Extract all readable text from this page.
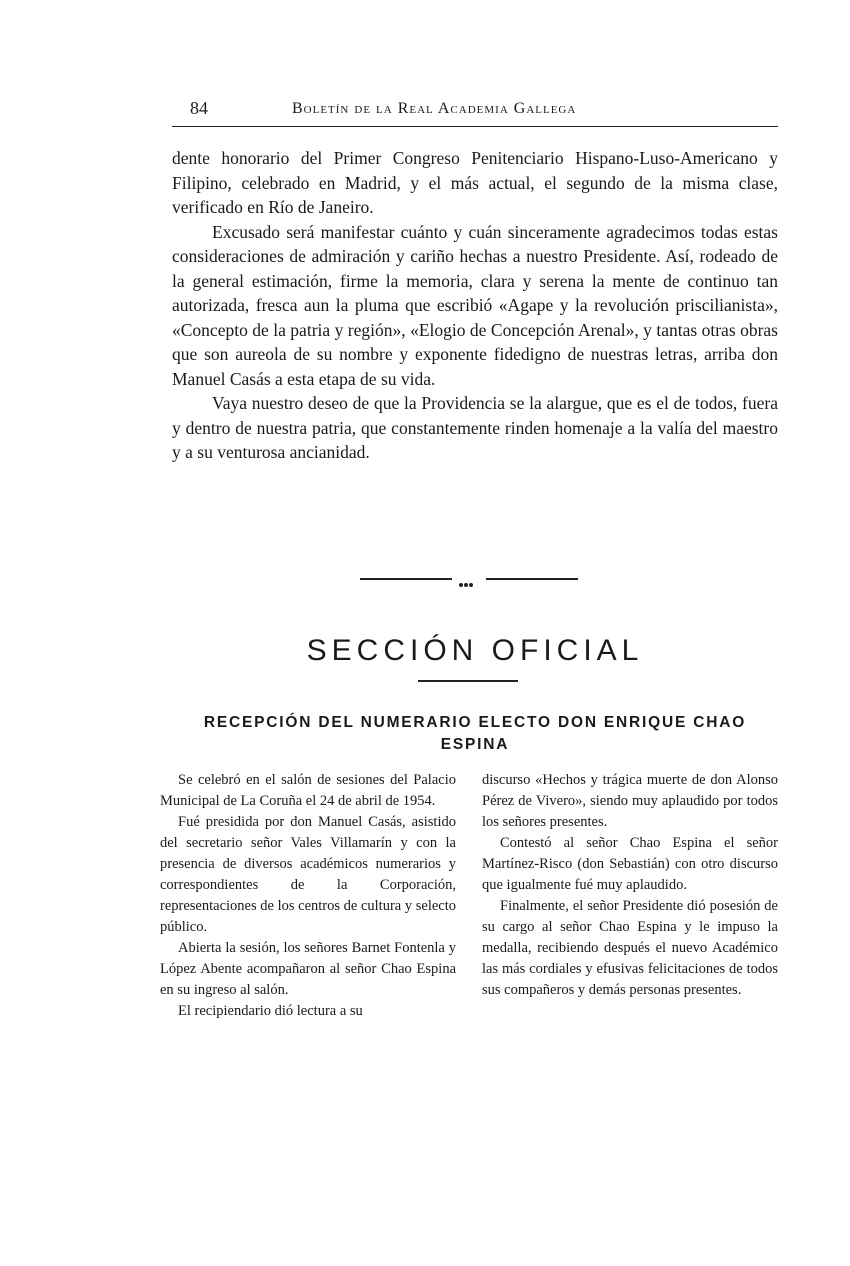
84	Boletín de la Real Academia Gallega

dente honorario del Primer Congreso Penitenciario Hispano-Luso-Americano y Filipino, celebrado en Madrid, y el más actual, el segundo de la misma clase, verificado en Río de Janeiro.

Excusado será manifestar cuánto y cuán sinceramente agradecimos todas estas consideraciones de admiración y cariño hechas a nuestro Presidente. Así, rodeado de la general estimación, firme la memoria, clara y serena la mente de continuo tan autorizada, fresca aun la pluma que escribió «Agape y la revolución priscilianista», «Concepto de la patria y región», «Elogio de Concepción Arenal», y tantas otras obras que son aureola de su nombre y exponente fidedigno de nuestras letras, arriba don Manuel Casás a esta etapa de su vida.

Vaya nuestro deseo de que la Providencia se la alargue, que es el de todos, fuera y dentro de nuestra patria, que constantemente rinden homenaje a la valía del maestro y a su venturosa ancianidad.

SECCIÓN OFICIAL
RECEPCIÓN DEL NUMERARIO ELECTO DON ENRIQUE CHAO ESPINA

Se celebró en el salón de sesiones del Palacio Municipal de La Coruña el 24 de abril de 1954.

Fué presidida por don Manuel Casás, asistido del secretario señor Vales Villamarín y con la presencia de diversos académicos numerarios y correspondientes de la Corporación, representaciones de los centros de cultura y selecto público.

Abierta la sesión, los señores Barnet Fontenla y López Abente acompañaron al señor Chao Espina en su ingreso al salón.

El recipiendario dió lectura a su

discurso «Hechos y trágica muerte de don Alonso Pérez de Vivero», siendo muy aplaudido por todos los señores presentes.

Contestó al señor Chao Espina el señor Martínez-Risco (don Sebastián) con otro discurso que igualmente fué muy aplaudido.

Finalmente, el señor Presidente dió posesión de su cargo al señor Chao Espina y le impuso la medalla, recibiendo después el nuevo Académico las más cordiales y efusivas felicitaciones de todos sus compañeros y demás personas presentes.
